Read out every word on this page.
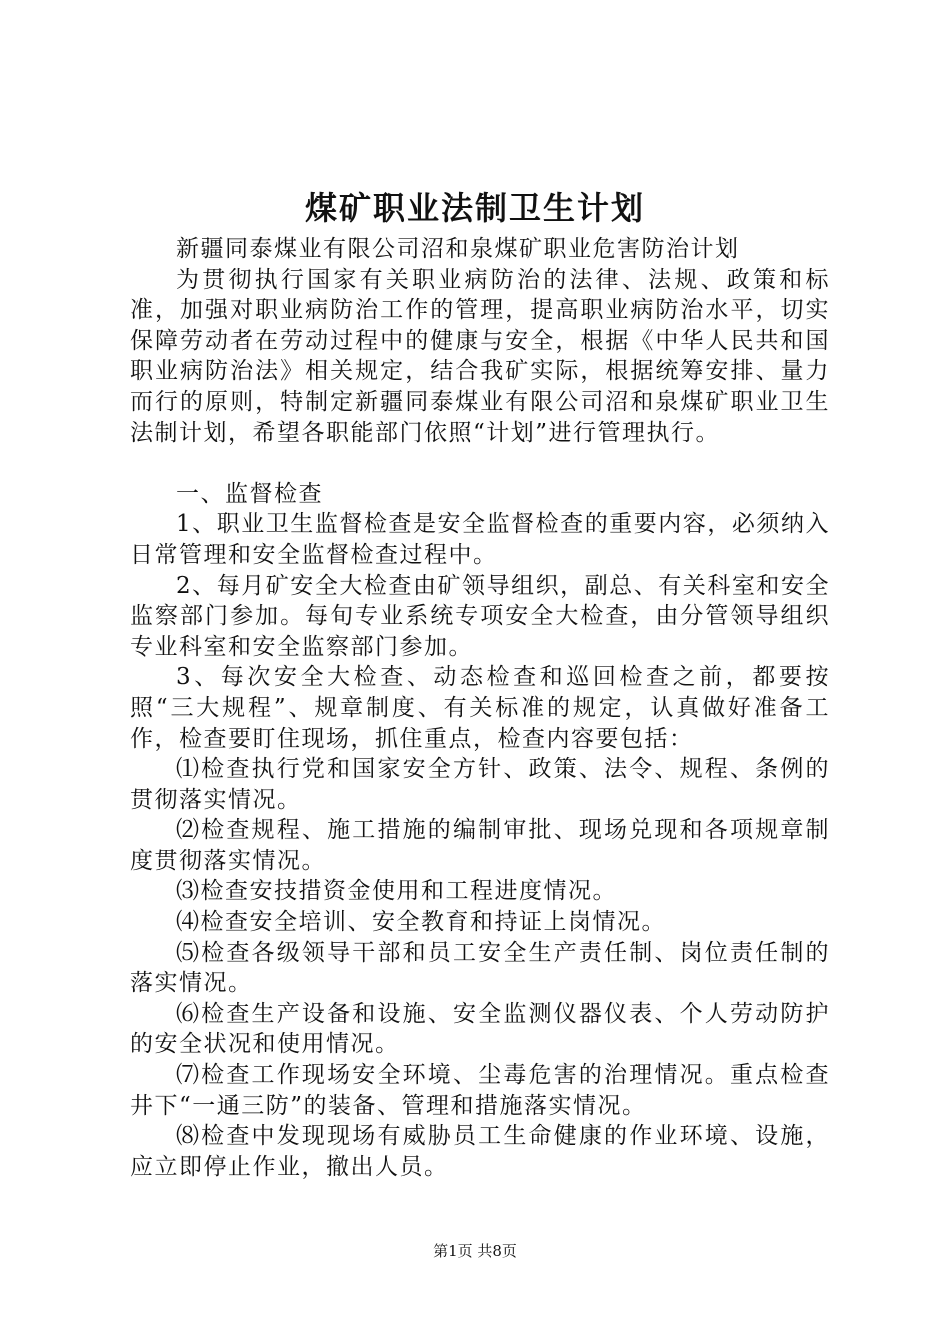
煤矿职业法制卫生计划

新疆同泰煤业有限公司沼和泉煤矿职业危害防治计划

为贯彻执行国家有关职业病防治的法律、法规、政策和标准，加强对职业病防治工作的管理，提高职业病防治水平，切实保障劳动者在劳动过程中的健康与安全，根据《中华人民共和国职业病防治法》相关规定，结合我矿实际，根据统筹安排、量力而行的原则，特制定新疆同泰煤业有限公司沼和泉煤矿职业卫生法制计划，希望各职能部门依照“计划”进行管理执行。

一、监督检查

1、职业卫生监督检查是安全监督检查的重要内容，必须纳入日常管理和安全监督检查过程中。

2、每月矿安全大检查由矿领导组织，副总、有关科室和安全监察部门参加。每旬专业系统专项安全大检查，由分管领导组织专业科室和安全监察部门参加。

3、每次安全大检查、动态检查和巡回检查之前，都要按照“三大规程”、规章制度、有关标准的规定，认真做好准备工作，检查要盯住现场，抓住重点，检查内容要包括：

⑴检查执行党和国家安全方针、政策、法令、规程、条例的贯彻落实情况。

⑵检查规程、施工措施的编制审批、现场兑现和各项规章制度贯彻落实情况。

⑶检查安技措资金使用和工程进度情况。

⑷检查安全培训、安全教育和持证上岗情况。

⑸检查各级领导干部和员工安全生产责任制、岗位责任制的落实情况。

⑹检查生产设备和设施、安全监测仪器仪表、个人劳动防护的安全状况和使用情况。

⑺检查工作现场安全环境、尘毒危害的治理情况。重点检查井下“一通三防”的装备、管理和措施落实情况。

⑻检查中发现现场有威胁员工生命健康的作业环境、设施，应立即停止作业，撤出人员。

第1页 共8页
